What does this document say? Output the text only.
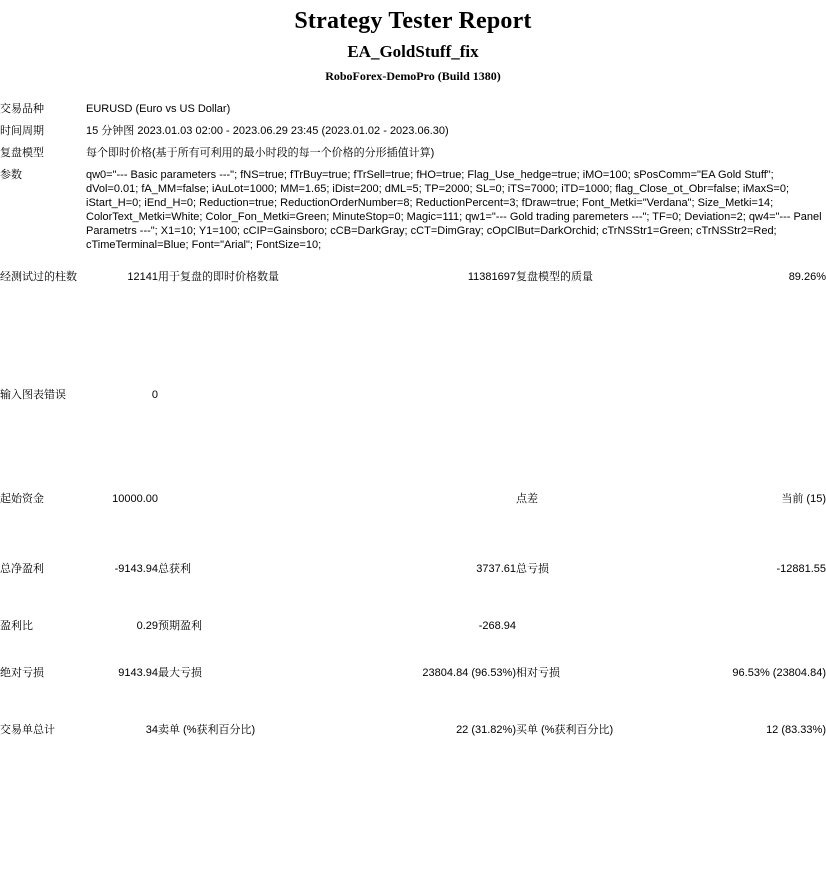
Strategy Tester Report
EA_GoldStuff_fix
RoboForex-DemoPro (Build 1380)
交易品种	EURUSD (Euro vs US Dollar)

时间周期	15 分钟图 2023.01.03 02:00 - 2023.06.29 23:45 (2023.01.02 - 2023.06.30)

复盘模型	每个即时价格(基于所有可利用的最小时段的每一个价格的分形插值计算)

参数	qw0="--- Basic parameters ---"; fNS=true; fTrBuy=true; fTrSell=true; fHO=true; Flag_Use_hedge=true; iMO=100; sPosComm="EA Gold Stuff"; dVol=0.01; fA_MM=false; iAuLot=1000; MM=1.65; iDist=200; dML=5; TP=2000; SL=0; iTS=7000; iTD=1000; flag_Close_ot_Obr=false; iMaxS=0; iStart_H=0; iEnd_H=0; Reduction=true; ReductionOrderNumber=8; ReductionPercent=3; fDraw=true; Font_Metki="Verdana"; Size_Metki=14; ColorText_Metki=White; Color_Fon_Metki=Green; MinuteStop=0; Magic=111; qw1="--- Gold trading paremeters ---"; TF=0; Deviation=2; qw4="--- Panel Parametrs ---"; X1=10; Y1=100; cCIP=Gainsboro; cCB=DarkGray; cCT=DimGray; cOpClBut=DarkOrchid; cTrNSStr1=Green; cTrNSStr2=Red; cTimeTerminal=Blue; Font="Arial"; FontSize=10;
经测试过的柱数	12141	用于复盘的即时价格数量	11381697	复盘模型的质量	89.26%
输入图表错误	0				
起始资金	10000.00			点差	当前 (15)
总净盈利	-9143.94	总获利	3737.61	总亏损	-12881.55
盈利比	0.29	预期盈利	-268.94		
绝对亏损	9143.94	最大亏损	23804.84 (96.53%)	相对亏损	96.53% (23804.84)
交易单总计	34	卖单 (%获利百分比)	22 (31.82%)	买单 (%获利百分比)	12 (83.33%)
